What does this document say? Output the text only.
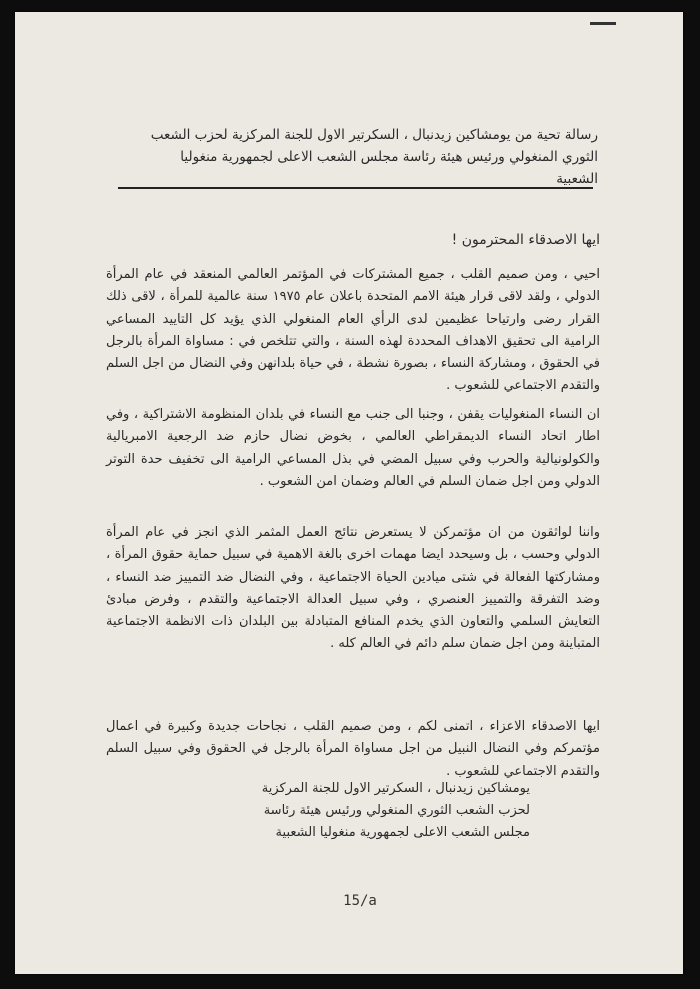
رسالة تحية من يومشاكين زيدنبال ، السكرتير الاول للجنة المركزية لحزب الشعب
الثوري المنغولي ورئيس هيئة رئاسة مجلس الشعب الاعلى لجمهورية منغوليا
الشعبية
ايها الاصدقاء المحترمون !
احيي ، ومن صميم القلب ، جميع المشتركات في المؤتمر العالمي المنعقد في عام المرأة الدولي ، ولقد لاقى قرار هيئة الامم المتحدة باعلان عام ١٩٧٥ سنة عالمية للمرأة ، لاقى ذلك القرار رضى وارتياحا عظيمين لدى الرأي العام المنغولي الذي يؤيد كل التاييد المساعي الرامية الى تحقيق الاهداف المحددة لهذه السنة ، والتي تتلخص في : مساواة المرأة بالرجل في الحقوق ، ومشاركة النساء ، بصورة نشطة ، في حياة بلدانهن وفي النضال من اجل السلم والتقدم الاجتماعي للشعوب .
ان النساء المنغوليات يقفن ، وجنبا الى جنب مع النساء في بلدان المنظومة الاشتراكية ، وفي اطار اتحاد النساء الديمقراطي العالمي ، بخوض نضال حازم ضد الرجعية الامبريالية والكولونيالية والحرب وفي سبيل المضي في بذل المساعي الرامية الى تخفيف حدة التوتر الدولي ومن اجل ضمان السلم في العالم وضمان امن الشعوب .
واننا لواثقون من ان مؤتمركن لا يستعرض نتائج العمل المثمر الذي انجز في عام المرأة الدولي وحسب ، بل وسيحدد ايضا مهمات اخرى بالغة الاهمية في سبيل حماية حقوق المرأة ، ومشاركتها الفعالة في شتى ميادين الحياة الاجتماعية ، وفي النضال ضد التمييز ضد النساء ، وضد التفرقة والتمييز العنصري ، وفي سبيل العدالة الاجتماعية والتقدم ، وفرض مبادئ التعايش السلمي والتعاون الذي يخدم المنافع المتبادلة بين البلدان ذات الانظمة الاجتماعية المتباينة ومن اجل ضمان سلم دائم في العالم كله .
ايها الاصدقاء الاعزاء ، اتمنى لكم ، ومن صميم القلب ، نجاحات جديدة وكبيرة في اعمال مؤتمركم وفي النضال النبيل من اجل مساواة المرأة بالرجل في الحقوق وفي سبيل السلم والتقدم الاجتماعي للشعوب .
يومشاكين زيدنبال ، السكرتير الاول للجنة المركزية
لحزب الشعب الثوري المنغولي ورئيس هيئة رئاسة
مجلس الشعب الاعلى لجمهورية منغوليا الشعبية
15/a
